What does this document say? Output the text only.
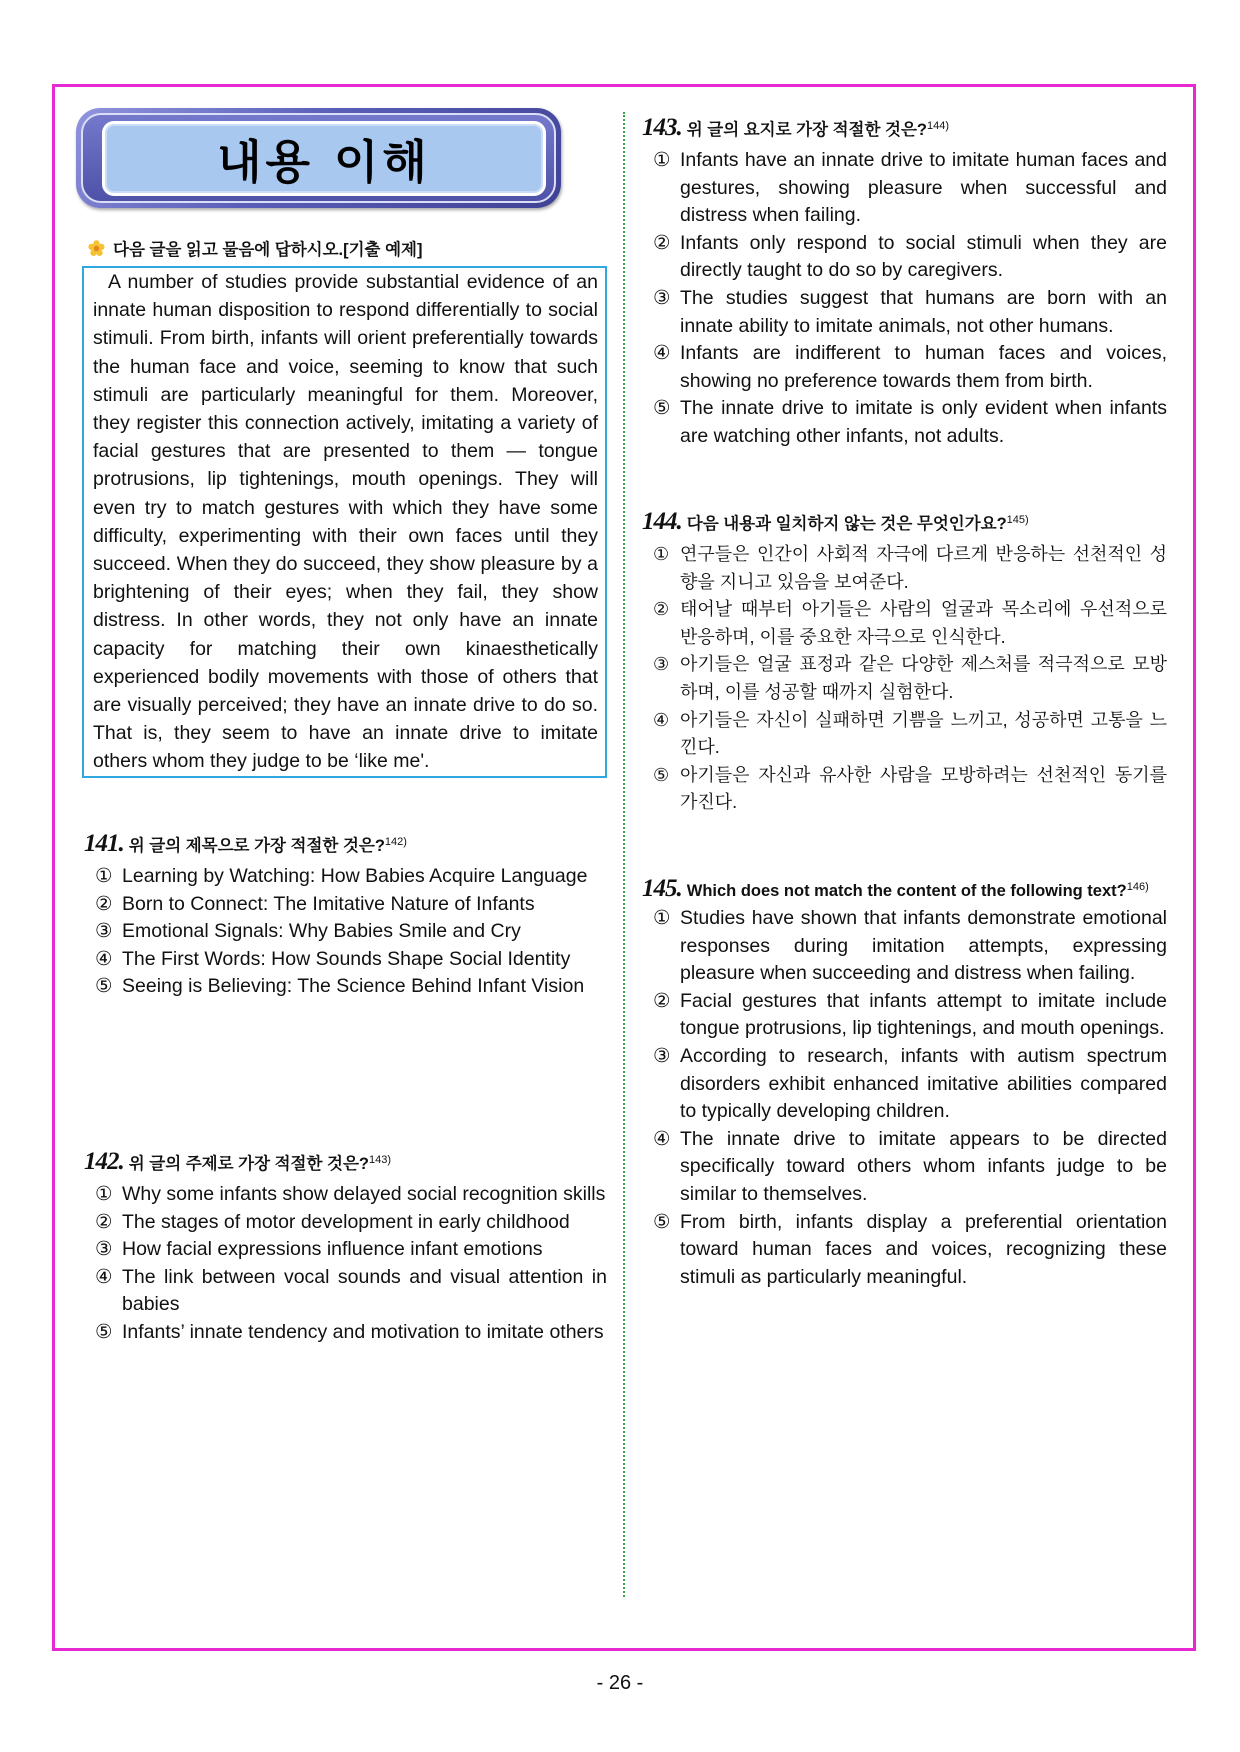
내용 이해
다음 글을 읽고 물음에 답하시오.[기출 예제]
A number of studies provide substantial evidence of an innate human disposition to respond differentially to social stimuli. From birth, infants will orient preferentially towards the human face and voice, seeming to know that such stimuli are particularly meaningful for them. Moreover, they register this connection actively, imitating a variety of facial gestures that are presented to them — tongue protrusions, lip tightenings, mouth openings. They will even try to match gestures with which they have some difficulty, experimenting with their own faces until they succeed. When they do succeed, they show pleasure by a brightening of their eyes; when they fail, they show distress. In other words, they not only have an innate capacity for matching their own kinaesthetically experienced bodily movements with those of others that are visually perceived; they have an innate drive to do so. That is, they seem to have an innate drive to imitate others whom they judge to be ‘like me'.
141. 위 글의 제목으로 가장 적절한 것은?$^{142)}$
① Learning by Watching: How Babies Acquire Language
② Born to Connect: The Imitative Nature of Infants
③ Emotional Signals: Why Babies Smile and Cry
④ The First Words: How Sounds Shape Social Identity
⑤ Seeing is Believing: The Science Behind Infant Vision
142. 위 글의 주제로 가장 적절한 것은?$^{143)}$
① Why some infants show delayed social recognition skills
② The stages of motor development in early childhood
③ How facial expressions influence infant emotions
④ The link between vocal sounds and visual attention in babies
⑤ Infants’ innate tendency and motivation to imitate others
143. 위 글의 요지로 가장 적절한 것은?$^{144)}$
① Infants have an innate drive to imitate human faces and gestures, showing pleasure when successful and distress when failing.
② Infants only respond to social stimuli when they are directly taught to do so by caregivers.
③ The studies suggest that humans are born with an innate ability to imitate animals, not other humans.
④ Infants are indifferent to human faces and voices, showing no preference towards them from birth.
⑤ The innate drive to imitate is only evident when infants are watching other infants, not adults.
144. 다음 내용과 일치하지 않는 것은 무엇인가요?$^{145)}$
① 연구들은 인간이 사회적 자극에 다르게 반응하는 선천적인 성향을 지니고 있음을 보여준다.
② 태어날 때부터 아기들은 사람의 얼굴과 목소리에 우선적으로 반응하며, 이를 중요한 자극으로 인식한다.
③ 아기들은 얼굴 표정과 같은 다양한 제스처를 적극적으로 모방하며, 이를 성공할 때까지 실험한다.
④ 아기들은 자신이 실패하면 기쁨을 느끼고, 성공하면 고통을 느낀다.
⑤ 아기들은 자신과 유사한 사람을 모방하려는 선천적인 동기를 가진다.
145. Which does not match the content of the following text?$^{146)}$
① Studies have shown that infants demonstrate emotional responses during imitation attempts, expressing pleasure when succeeding and distress when failing.
② Facial gestures that infants attempt to imitate include tongue protrusions, lip tightenings, and mouth openings.
③ According to research, infants with autism spectrum disorders exhibit enhanced imitative abilities compared to typically developing children.
④ The innate drive to imitate appears to be directed specifically toward others whom infants judge to be similar to themselves.
⑤ From birth, infants display a preferential orientation toward human faces and voices, recognizing these stimuli as particularly meaningful.
- 26 -
